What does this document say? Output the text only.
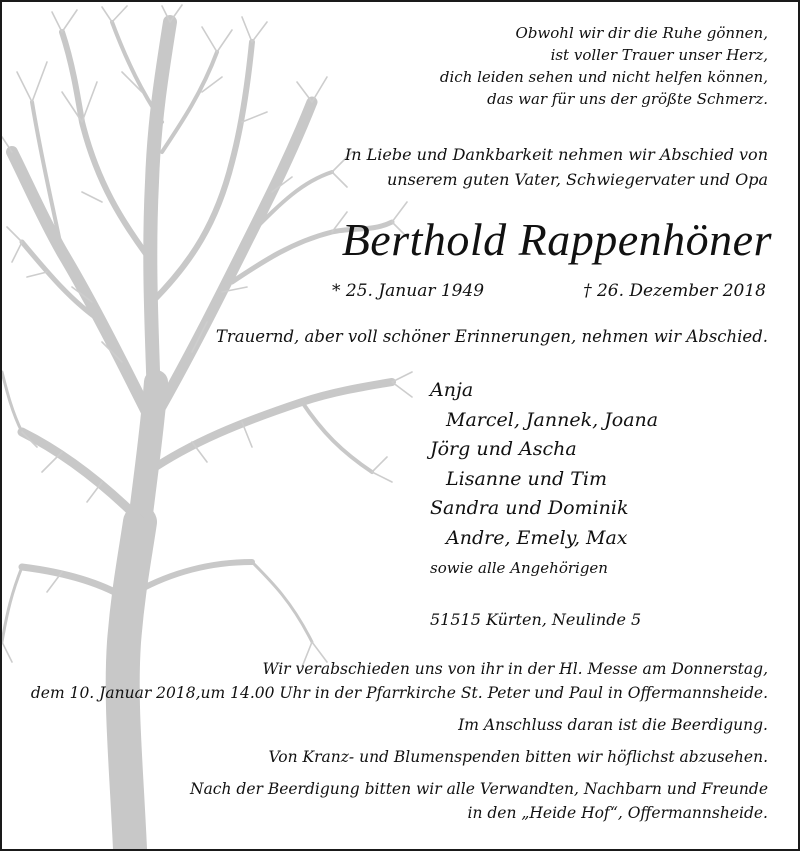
Obwohl wir dir die Ruhe gönnen,
ist voller Trauer unser Herz,
dich leiden sehen und nicht helfen können,
das war für uns der größte Schmerz.
In Liebe und Dankbarkeit nehmen wir Abschied von
unserem guten Vater, Schwiegervater und Opa
Berthold Rappenhöner
* 25. Januar 1949	† 26. Dezember 2018
Trauernd, aber voll schöner Erinnerungen, nehmen wir Abschied.
Anja
Marcel, Jannek, Joana
Jörg und Ascha
Lisanne und Tim
Sandra und Dominik
Andre, Emely, Max
sowie alle Angehörigen
51515 Kürten, Neulinde 5
Wir verabschieden uns von ihr in der Hl. Messe am Donnerstag,
dem 10. Januar 2018,um 14.00 Uhr in der Pfarrkirche St. Peter und Paul in Offermannsheide.
Im Anschluss daran ist die Beerdigung.
Von Kranz- und Blumenspenden bitten wir höflichst abzusehen.
Nach der Beerdigung bitten wir alle Verwandten, Nachbarn und Freunde
in den „Heide Hof“, Offermannsheide.
